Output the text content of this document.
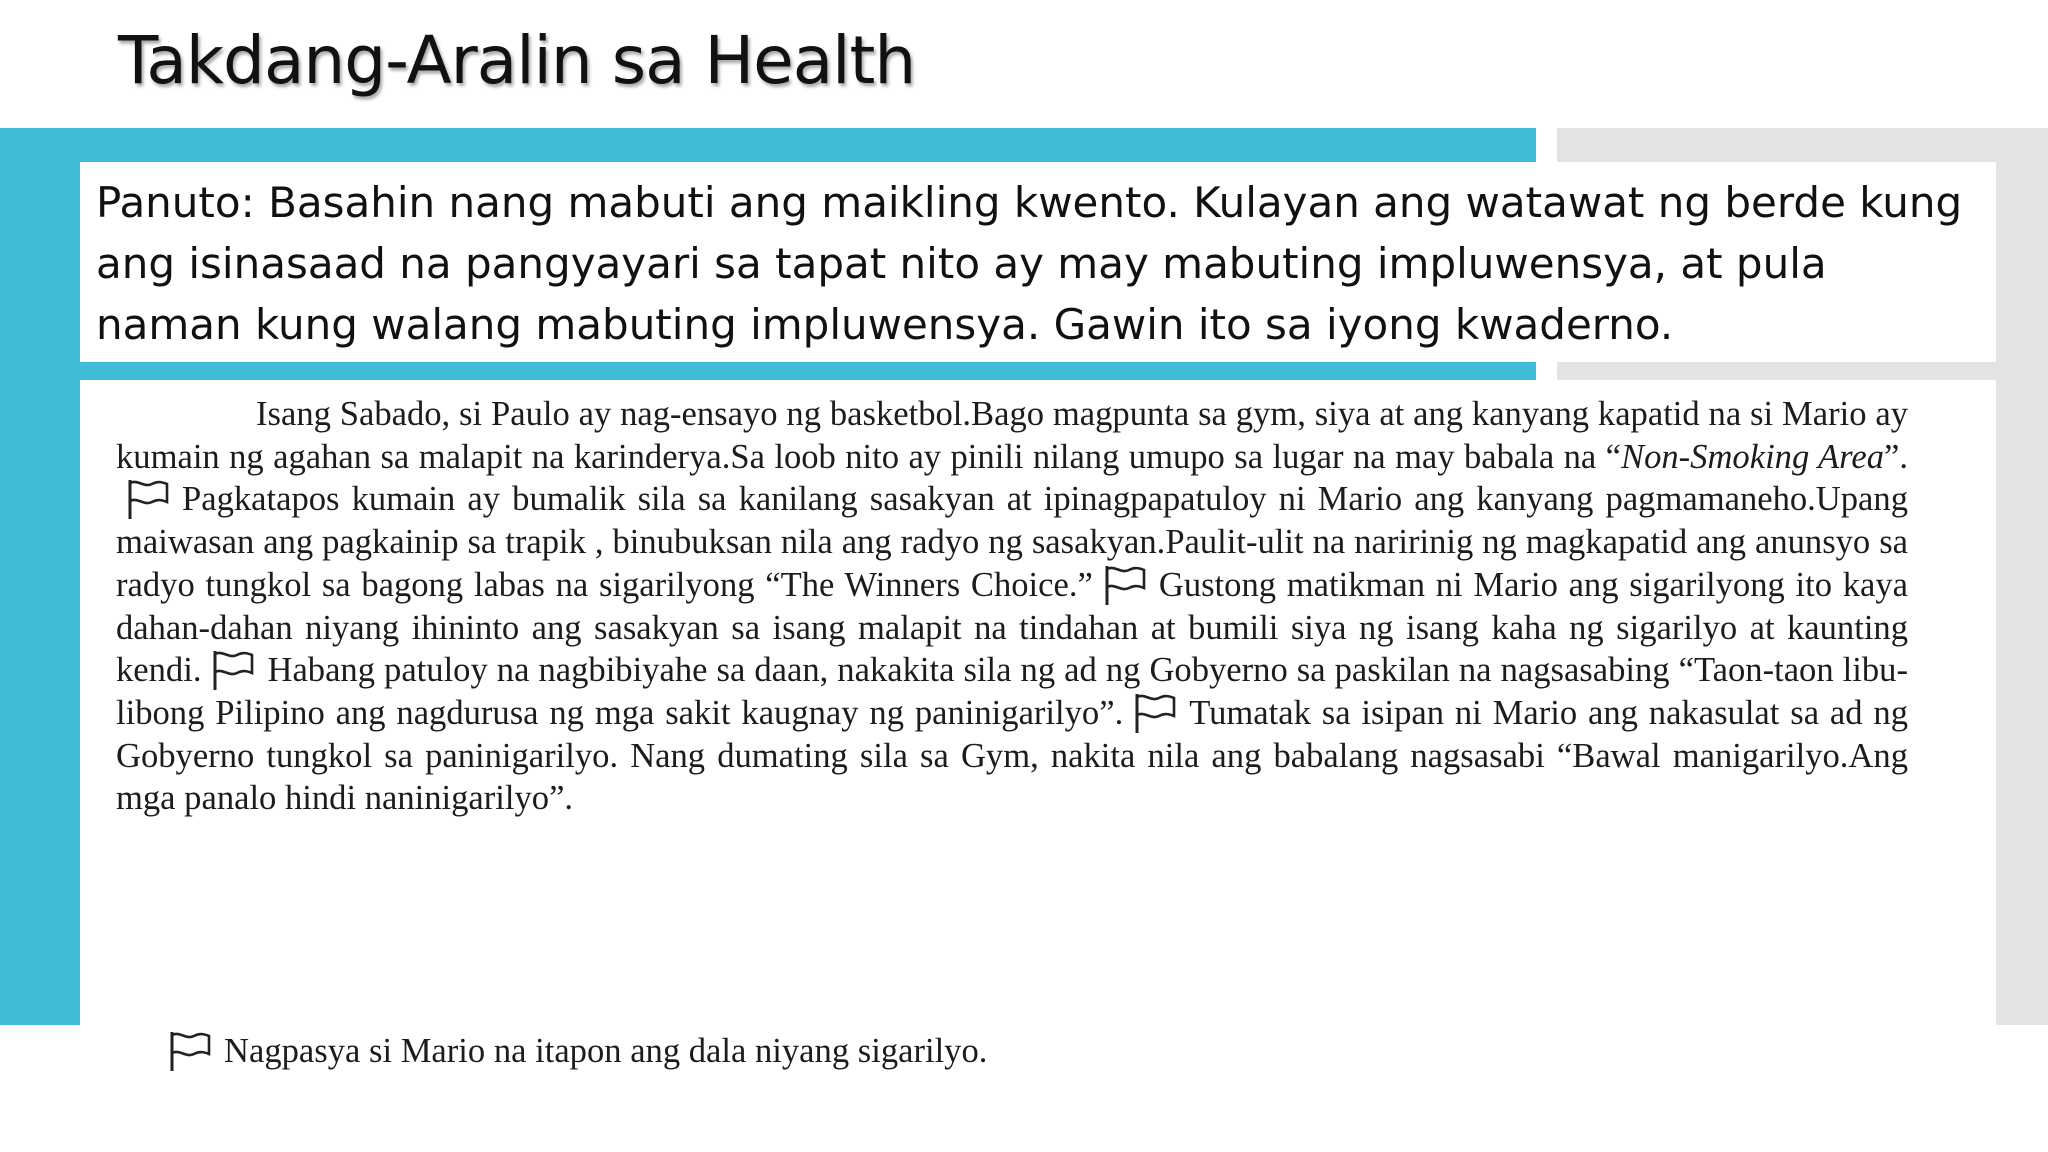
Takdang-Aralin sa Health
Panuto: Basahin nang mabuti ang maikling kwento. Kulayan ang watawat ng berde kung ang isinasaad na pangyayari sa tapat nito ay may mabuting impluwensya, at pula naman kung walang mabuting impluwensya. Gawin ito sa iyong kwaderno.

Isang Sabado, si Paulo ay nag-ensayo ng basketbol.Bago magpunta sa gym, siya at ang kanyang kapatid na si Mario ay kumain ng agahan sa malapit na karinderya.Sa loob nito ay pinili nilang umupo sa lugar na may babala na “Non-Smoking Area”.
Pagkatapos kumain ay bumalik sila sa kanilang sasakyan at ipinagpapatuloy ni Mario ang kanyang pagmamaneho.Upang maiwasan ang pagkainip sa trapik , binubuksan nila ang radyo ng sasakyan.Paulit-ulit na naririnig ng magkapatid ang anunsyo sa radyo tungkol sa bagong labas na sigarilyong “The Winners Choice.” Gustong matikman ni Mario ang sigarilyong ito kaya dahan-dahan niyang ihininto ang sasakyan sa isang malapit na tindahan at bumili siya ng isang kaha ng sigarilyo at kaunting kendi. Habang patuloy na nagbibiyahe sa daan, nakakita sila ng ad ng Gobyerno sa paskilan na nagsasabing “Taon-taon libu-libong Pilipino ang nagdurusa ng mga sakit kaugnay ng paninigarilyo”. Tumatak sa isipan ni Mario ang nakasulat sa ad ng Gobyerno tungkol sa paninigarilyo. Nang dumating sila sa Gym, nakita nila ang babalang nagsasabi “Bawal manigarilyo.Ang mga panalo hindi naninigarilyo”.

Nagpasya si Mario na itapon ang dala niyang sigarilyo.
